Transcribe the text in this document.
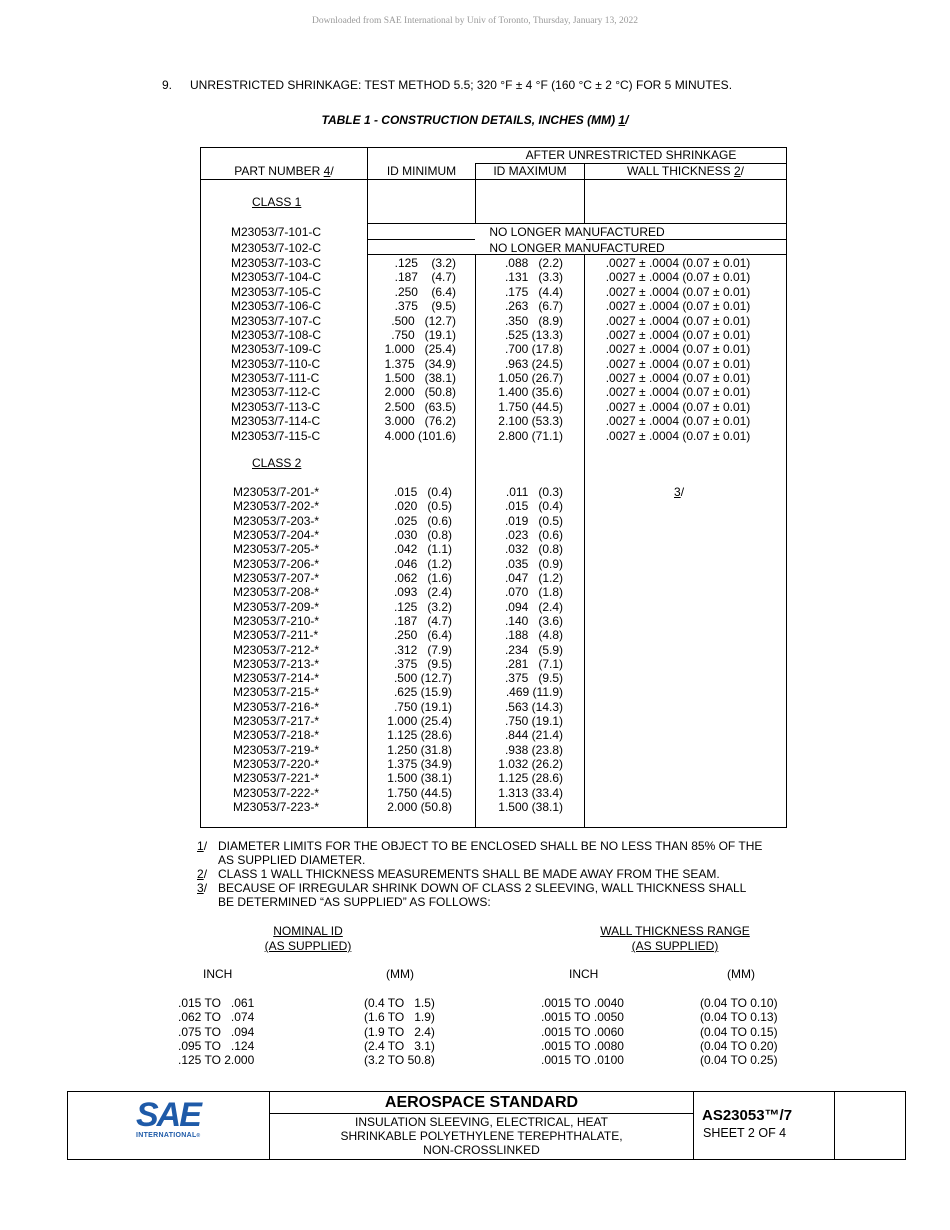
Downloaded from SAE International by Univ of Toronto, Thursday, January 13, 2022
9. UNRESTRICTED SHRINKAGE: TEST METHOD 5.5; 320 °F ± 4 °F (160 °C ± 2 °C) FOR 5 MINUTES.
TABLE 1 - CONSTRUCTION DETAILS, INCHES (MM) 1/
AFTER UNRESTRICTED SHRINKAGE
PART NUMBER 4/	ID MINIMUM	ID MAXIMUM	WALL THICKNESS 2/
CLASS 1
M23053/7-101-C	NO LONGER MANUFACTURED
M23053/7-102-C	NO LONGER MANUFACTURED
M23053/7-103-C	.125    (3.2)	.088   (2.2)	.0027 ± .0004 (0.07 ± 0.01)
M23053/7-104-C	.187    (4.7)	.131   (3.3)	.0027 ± .0004 (0.07 ± 0.01)
M23053/7-105-C	.250    (6.4)	.175   (4.4)	.0027 ± .0004 (0.07 ± 0.01)
M23053/7-106-C	.375    (9.5)	.263   (6.7)	.0027 ± .0004 (0.07 ± 0.01)
M23053/7-107-C	.500   (12.7)	.350   (8.9)	.0027 ± .0004 (0.07 ± 0.01)
M23053/7-108-C	.750   (19.1)	.525 (13.3)	.0027 ± .0004 (0.07 ± 0.01)
M23053/7-109-C	1.000   (25.4)	.700 (17.8)	.0027 ± .0004 (0.07 ± 0.01)
M23053/7-110-C	1.375   (34.9)	.963 (24.5)	.0027 ± .0004 (0.07 ± 0.01)
M23053/7-111-C	1.500   (38.1)	1.050 (26.7)	.0027 ± .0004 (0.07 ± 0.01)
M23053/7-112-C	2.000   (50.8)	1.400 (35.6)	.0027 ± .0004 (0.07 ± 0.01)
M23053/7-113-C	2.500   (63.5)	1.750 (44.5)	.0027 ± .0004 (0.07 ± 0.01)
M23053/7-114-C	3.000   (76.2)	2.100 (53.3)	.0027 ± .0004 (0.07 ± 0.01)
M23053/7-115-C	4.000 (101.6)	2.800 (71.1)	.0027 ± .0004 (0.07 ± 0.01)
CLASS 2
3/
M23053/7-201-*	.015   (0.4)	.011   (0.3)
M23053/7-202-*	.020   (0.5)	.015   (0.4)
M23053/7-203-*	.025   (0.6)	.019   (0.5)
M23053/7-204-*	.030   (0.8)	.023   (0.6)
M23053/7-205-*	.042   (1.1)	.032   (0.8)
M23053/7-206-*	.046   (1.2)	.035   (0.9)
M23053/7-207-*	.062   (1.6)	.047   (1.2)
M23053/7-208-*	.093   (2.4)	.070   (1.8)
M23053/7-209-*	.125   (3.2)	.094   (2.4)
M23053/7-210-*	.187   (4.7)	.140   (3.6)
M23053/7-211-*	.250   (6.4)	.188   (4.8)
M23053/7-212-*	.312   (7.9)	.234   (5.9)
M23053/7-213-*	.375   (9.5)	.281   (7.1)
M23053/7-214-*	.500 (12.7)	.375   (9.5)
M23053/7-215-*	.625 (15.9)	.469 (11.9)
M23053/7-216-*	.750 (19.1)	.563 (14.3)
M23053/7-217-*	1.000 (25.4)	.750 (19.1)
M23053/7-218-*	1.125 (28.6)	.844 (21.4)
M23053/7-219-*	1.250 (31.8)	.938 (23.8)
M23053/7-220-*	1.375 (34.9)	1.032 (26.2)
M23053/7-221-*	1.500 (38.1)	1.125 (28.6)
M23053/7-222-*	1.750 (44.5)	1.313 (33.4)
M23053/7-223-*	2.000 (50.8)	1.500 (38.1)
1/ DIAMETER LIMITS FOR THE OBJECT TO BE ENCLOSED SHALL BE NO LESS THAN 85% OF THE
AS SUPPLIED DIAMETER.
2/ CLASS 1 WALL THICKNESS MEASUREMENTS SHALL BE MADE AWAY FROM THE SEAM.
3/ BECAUSE OF IRREGULAR SHRINK DOWN OF CLASS 2 SLEEVING, WALL THICKNESS SHALL
BE DETERMINED “AS SUPPLIED” AS FOLLOWS:
NOMINAL ID
(AS SUPPLIED)
WALL THICKNESS RANGE
(AS SUPPLIED)
INCH	(MM)	INCH	(MM)
.015 TO   .061	(0.4 TO   1.5)	.0015 TO .0040	(0.04 TO 0.10)
.062 TO   .074	(1.6 TO   1.9)	.0015 TO .0050	(0.04 TO 0.13)
.075 TO   .094	(1.9 TO   2.4)	.0015 TO .0060	(0.04 TO 0.15)
.095 TO   .124	(2.4 TO   3.1)	.0015 TO .0080	(0.04 TO 0.20)
.125 TO 2.000	(3.2 TO 50.8)	.0015 TO .0100	(0.04 TO 0.25)
SAE
INTERNATIONAL®
AEROSPACE STANDARD
INSULATION SLEEVING, ELECTRICAL, HEAT
SHRINKABLE POLYETHYLENE TEREPHTHALATE,
NON-CROSSLINKED
AS23053™/7
SHEET 2 OF 4
